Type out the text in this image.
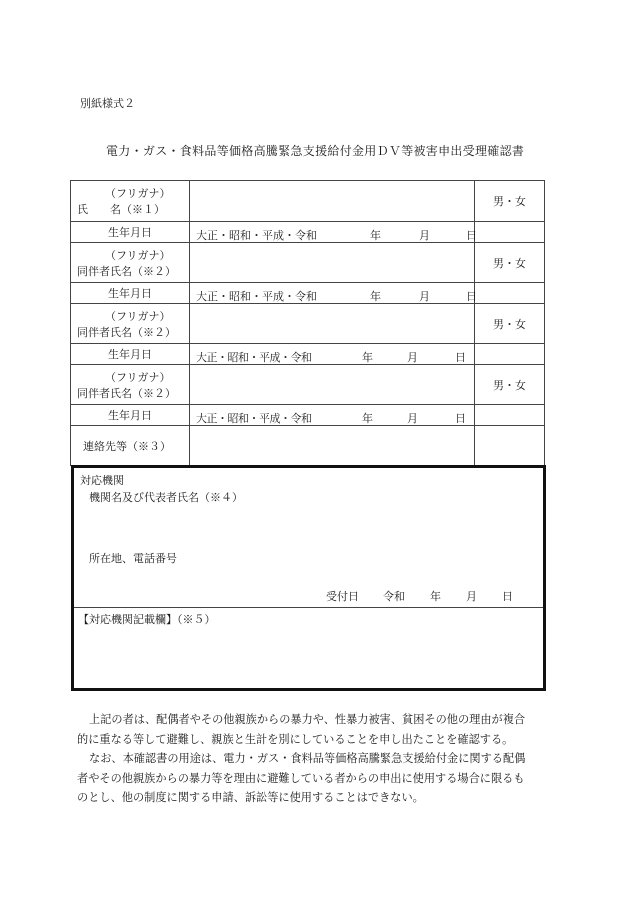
別紙様式２
電力・ガス・食料品等価格高騰緊急支援給付金用ＤＶ等被害申出受理確認書
（フリガナ）
氏　　名（※１）		男・女
生年月日	大正・昭和・平成・令和 年 月 日	

（フリガナ）
同伴者氏名（※２）		男・女
生年月日	大正・昭和・平成・令和 年 月 日	

（フリガナ）
同伴者氏名（※２）		男・女
生年月日	大正・昭和・平成・令和 年 月 日	

（フリガナ）
同伴者氏名（※２）		男・女
生年月日	大正・昭和・平成・令和 年 月 日	

連絡先等（※３）		
対応機関
機関名及び代表者氏名（※４）
所在地、電話番号
受付日 令和 年 月 日
【対応機関記載欄】（※５）
上記の者は、配偶者やその他親族からの暴力や、性暴力被害、貧困その他の理由が複合
的に重なる等して避難し、親族と生計を別にしていることを申し出たことを確認する。
なお、本確認書の用途は、電力・ガス・食料品等価格高騰緊急支援給付金に関する配偶
者やその他親族からの暴力等を理由に避難している者からの申出に使用する場合に限るも
のとし、他の制度に関する申請、訴訟等に使用することはできない。
